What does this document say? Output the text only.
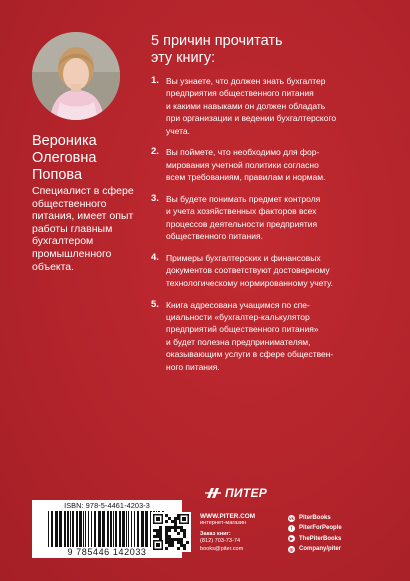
Вероника
Олеговна
Попова
Специалист в сфере
общественного
питания, имеет опыт
работы главным
бухгалтером
промышленного
объекта.
5 причин прочитать
эту книгу:
1. Вы узнаете, что должен знать бухгалтер
предприятия общественного питания
и какими навыками он должен обладать
при организации и ведении бухгалтерского
учета.
2. Вы поймете, что необходимо для фор-
мирования учетной политики согласно
всем требованиям, правилам и нормам.
3. Вы будете понимать предмет контроля
и учета хозяйственных факторов всех
процессов деятельности предприятия
общественного питания.
4. Примеры бухгалтерских и финансовых
документов соответствуют достоверному
технологическому нормированному учету.
5. Книга адресована учащимся по спе-
циальности «бухгалтер-калькулятор
предприятий общественного питания»
и будет полезна предпринимателям,
оказывающим услуги в сфере обществен-
ного питания.
ISBN: 978-5-4461-4203-3
9 785446 142033
ПИТЕР
WWW.PITER.COM
интернет-магазин
Заказ книг:
(812) 703-73-74
books@piter.com
vk PiterBooks
f	PiterForPeople
▶ ThePiterBooks
◎ Company/piter
